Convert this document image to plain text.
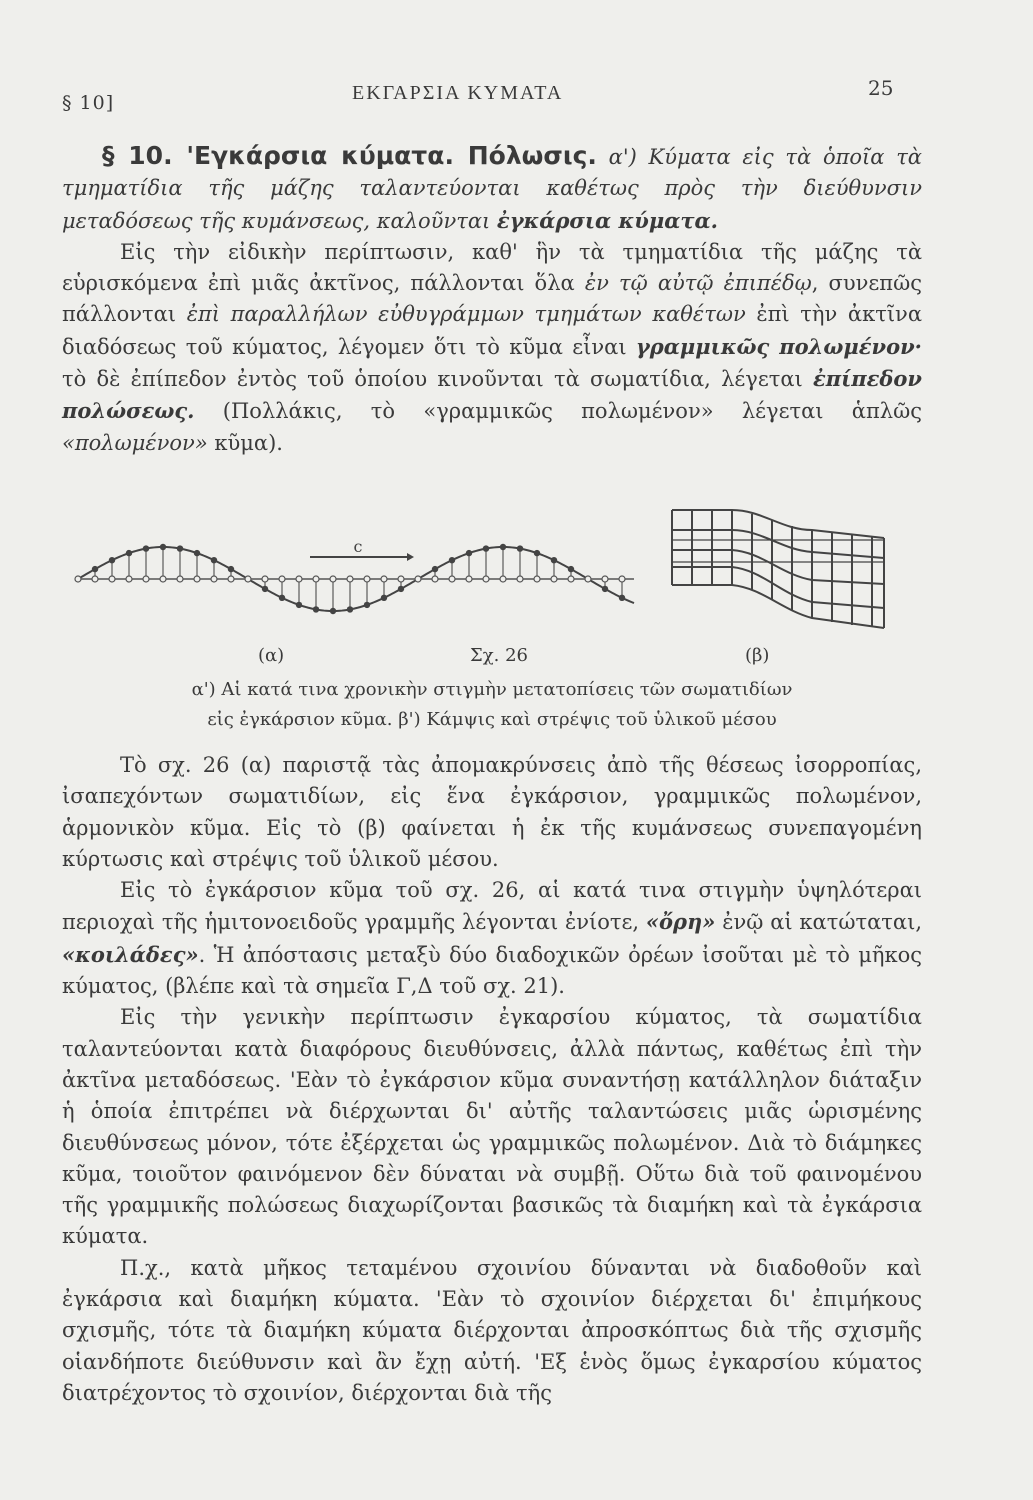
§ 10]	ΕΚΓΑΡΣΙΑ ΚΥΜΑΤΑ	25

§ 10. 'Εγκάρσια κύματα. Πόλωσις. α') Κύματα εἰς τὰ ὁποῖα τὰ τμηματίδια τῆς μάζης ταλαντεύονται καθέτως πρὸς τὴν διεύθυνσιν μεταδόσεως τῆς κυμάνσεως, καλοῦνται ἐγκάρσια κύματα.

Εἰς τὴν εἰδικὴν περίπτωσιν, καθ' ἣν τὰ τμηματίδια τῆς μάζης τὰ εὑρισκόμενα ἐπὶ μιᾶς ἀκτῖνος, πάλλονται ὅλα ἐν τῷ αὐτῷ ἐπιπέδῳ, συνεπῶς πάλλονται ἐπὶ παραλλήλων εὐθυγράμμων τμημάτων καθέτων ἐπὶ τὴν ἀκτῖνα διαδόσεως τοῦ κύματος, λέγομεν ὅτι τὸ κῦμα εἶναι γραμμικῶς πολωμένον· τὸ δὲ ἐπίπεδον ἐντὸς τοῦ ὁποίου κινοῦνται τὰ σωματίδια, λέγεται ἐπίπεδον πολώσεως. (Πολλάκις, τὸ «γραμμικῶς πολωμένον» λέγεται ἁπλῶς «πολωμένον» κῦμα).

c
(α)	Σχ. 26	(β)
α') Αἱ κατά τινα χρονικὴν στιγμὴν μετατοπίσεις τῶν σωματιδίων
εἰς ἐγκάρσιον κῦμα. β') Κάμψις καὶ στρέψις τοῦ ὑλικοῦ μέσου

Τὸ σχ. 26 (α) παριστᾷ τὰς ἀπομακρύνσεις ἀπὸ τῆς θέσεως ἰσορροπίας, ἰσαπεχόντων σωματιδίων, εἰς ἕνα ἐγκάρσιον, γραμμικῶς πολωμένον, ἁρμονικὸν κῦμα. Εἰς τὸ (β) φαίνεται ἡ ἐκ τῆς κυμάνσεως συνεπαγομένη κύρτωσις καὶ στρέψις τοῦ ὑλικοῦ μέσου.

Εἰς τὸ ἐγκάρσιον κῦμα τοῦ σχ. 26, αἱ κατά τινα στιγμὴν ὑψηλότεραι περιοχαὶ τῆς ἡμιτονοειδοῦς γραμμῆς λέγονται ἐνίοτε, «ὄρη» ἐνῷ αἱ κατώταται, «κοιλάδες». Ἡ ἀπόστασις μεταξὺ δύο διαδοχικῶν ὀρέων ἰσοῦται μὲ τὸ μῆκος κύματος, (βλέπε καὶ τὰ σημεῖα Γ,Δ τοῦ σχ. 21).

Εἰς τὴν γενικὴν περίπτωσιν ἐγκαρσίου κύματος, τὰ σωματίδια ταλαντεύονται κατὰ διαφόρους διευθύνσεις, ἀλλὰ πάντως, καθέτως ἐπὶ τὴν ἀκτῖνα μεταδόσεως. 'Εὰν τὸ ἐγκάρσιον κῦμα συναντήσῃ κατάλληλον διάταξιν ἡ ὁποία ἐπιτρέπει νὰ διέρχωνται δι' αὐτῆς ταλαντώσεις μιᾶς ὡρισμένης διευθύνσεως μόνον, τότε ἐξέρχεται ὡς γραμμικῶς πολωμένον. Διὰ τὸ διάμηκες κῦμα, τοιοῦτον φαινόμενον δὲν δύναται νὰ συμβῇ. Οὕτω διὰ τοῦ φαινομένου τῆς γραμμικῆς πολώσεως διαχωρίζονται βασικῶς τὰ διαμήκη καὶ τὰ ἐγκάρσια κύματα.

Π.χ., κατὰ μῆκος τεταμένου σχοινίου δύνανται νὰ διαδοθοῦν καὶ ἐγκάρσια καὶ διαμήκη κύματα. 'Εὰν τὸ σχοινίον διέρχεται δι' ἐπιμήκους σχισμῆς, τότε τὰ διαμήκη κύματα διέρχονται ἀπροσκόπτως διὰ τῆς σχισμῆς οἱανδήποτε διεύθυνσιν καὶ ἂν ἔχῃ αὐτή. 'Εξ ἑνὸς ὅμως ἐγκαρσίου κύματος διατρέχοντος τὸ σχοινίον, διέρχονται διὰ τῆς
